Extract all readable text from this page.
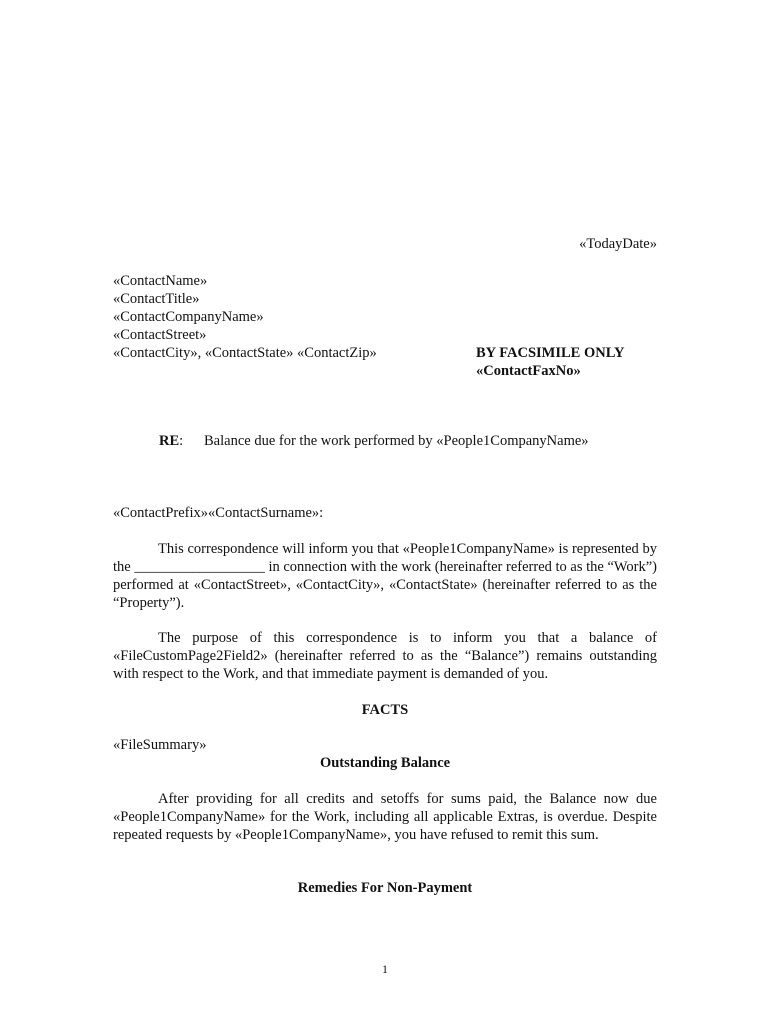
«TodayDate»
«ContactName»
«ContactTitle»
«ContactCompanyName»
«ContactStreet»
«ContactCity», «ContactState» «ContactZip»	BY FACSIMILE ONLY
«ContactFaxNo»
RE: Balance due for the work performed by «People1CompanyName»

«ContactPrefix»«ContactSurname»:

This correspondence will inform you that «People1CompanyName» is represented by the __________________ in connection with the work (hereinafter referred to as the “Work”) performed at «ContactStreet», «ContactCity», «ContactState» (hereinafter referred to as the “Property”).

The purpose of this correspondence is to inform you that a balance of «FileCustomPage2Field2» (hereinafter referred to as the “Balance”) remains outstanding with respect to the Work, and that immediate payment is demanded of you.

FACTS

«FileSummary»

Outstanding Balance

After providing for all credits and setoffs for sums paid, the Balance now due «People1CompanyName» for the Work, including all applicable Extras, is overdue. Despite repeated requests by «People1CompanyName», you have refused to remit this sum.

Remedies For Non-Payment
1
